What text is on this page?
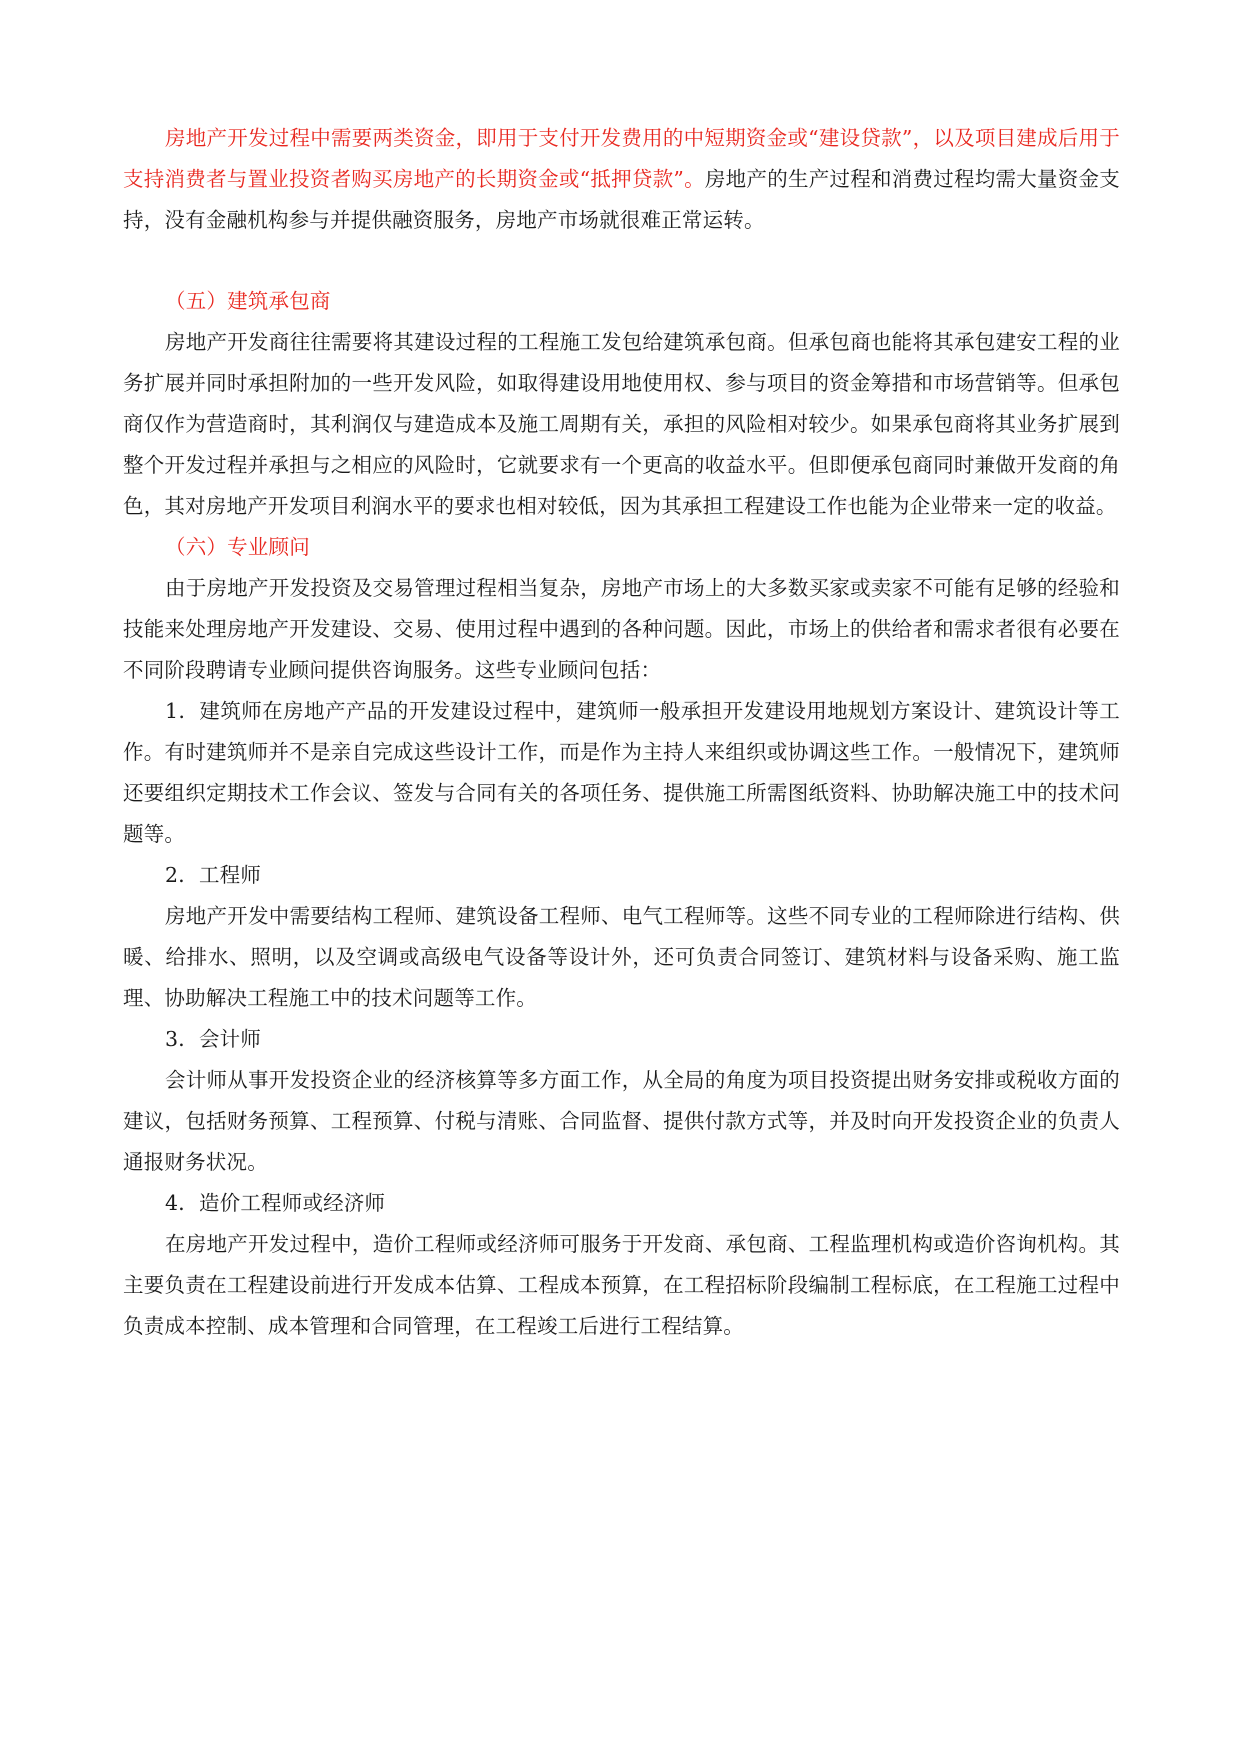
房地产开发过程中需要两类资金，即用于支付开发费用的中短期资金或“建设贷款”，以及项目建成后用于支持消费者与置业投资者购买房地产的长期资金或“抵押贷款”。房地产的生产过程和消费过程均需大量资金支持，没有金融机构参与并提供融资服务，房地产市场就很难正常运转。

（五）建筑承包商

房地产开发商往往需要将其建设过程的工程施工发包给建筑承包商。但承包商也能将其承包建安工程的业务扩展并同时承担附加的一些开发风险，如取得建设用地使用权、参与项目的资金筹措和市场营销等。但承包商仅作为营造商时，其利润仅与建造成本及施工周期有关，承担的风险相对较少。如果承包商将其业务扩展到整个开发过程并承担与之相应的风险时，它就要求有一个更高的收益水平。但即便承包商同时兼做开发商的角色，其对房地产开发项目利润水平的要求也相对较低，因为其承担工程建设工作也能为企业带来一定的收益。

（六）专业顾问

由于房地产开发投资及交易管理过程相当复杂，房地产市场上的大多数买家或卖家不可能有足够的经验和技能来处理房地产开发建设、交易、使用过程中遇到的各种问题。因此，市场上的供给者和需求者很有必要在不同阶段聘请专业顾问提供咨询服务。这些专业顾问包括：

1．建筑师在房地产产品的开发建设过程中，建筑师一般承担开发建设用地规划方案设计、建筑设计等工作。有时建筑师并不是亲自完成这些设计工作，而是作为主持人来组织或协调这些工作。一般情况下，建筑师还要组织定期技术工作会议、签发与合同有关的各项任务、提供施工所需图纸资料、协助解决施工中的技术问题等。

2．工程师

房地产开发中需要结构工程师、建筑设备工程师、电气工程师等。这些不同专业的工程师除进行结构、供暖、给排水、照明，以及空调或高级电气设备等设计外，还可负责合同签订、建筑材料与设备采购、施工监理、协助解决工程施工中的技术问题等工作。

3．会计师

会计师从事开发投资企业的经济核算等多方面工作，从全局的角度为项目投资提出财务安排或税收方面的建议，包括财务预算、工程预算、付税与清账、合同监督、提供付款方式等，并及时向开发投资企业的负责人通报财务状况。

4．造价工程师或经济师

在房地产开发过程中，造价工程师或经济师可服务于开发商、承包商、工程监理机构或造价咨询机构。其主要负责在工程建设前进行开发成本估算、工程成本预算，在工程招标阶段编制工程标底，在工程施工过程中负责成本控制、成本管理和合同管理，在工程竣工后进行工程结算。
